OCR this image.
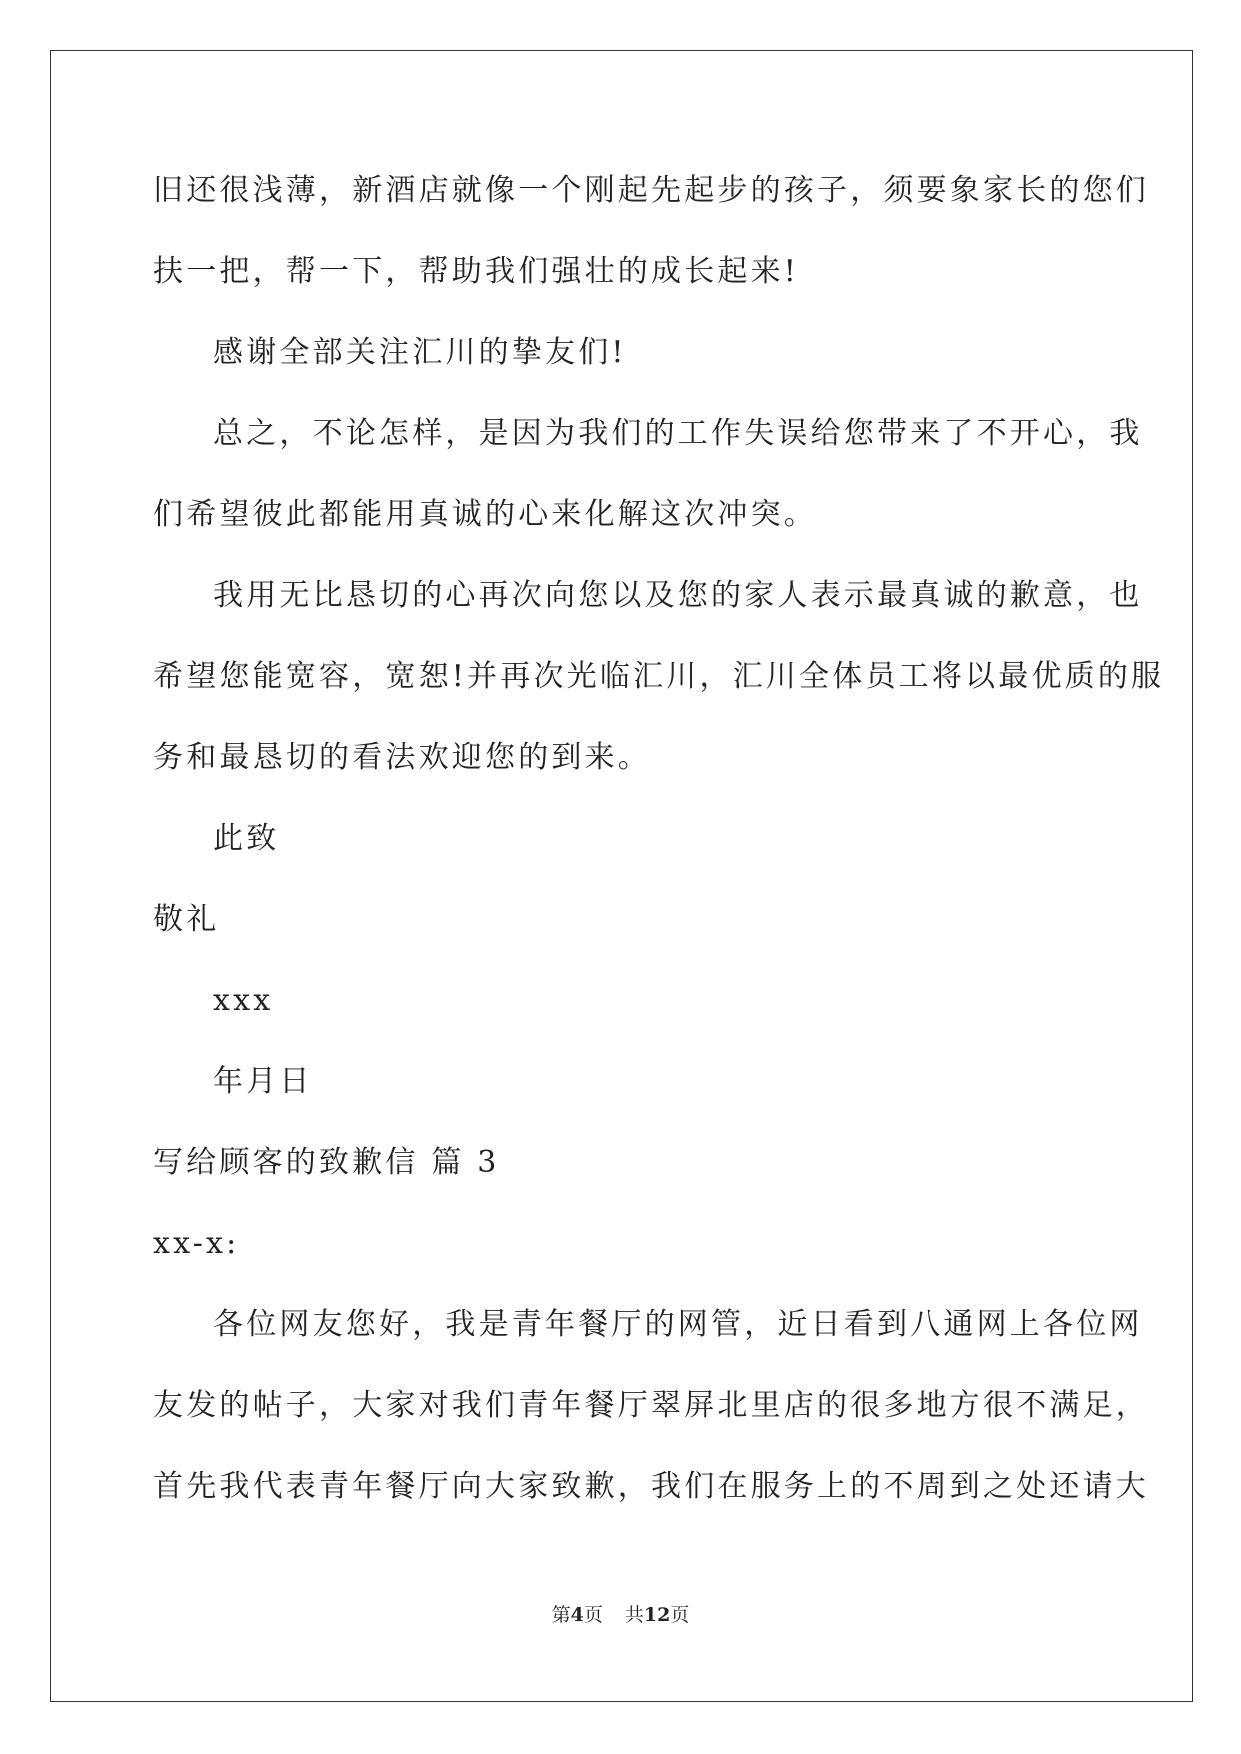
旧还很浅薄，新酒店就像一个刚起先起步的孩子，须要象家长的您们
扶一把，帮一下，帮助我们强壮的成长起来!
感谢全部关注汇川的挚友们!
总之，不论怎样，是因为我们的工作失误给您带来了不开心，我
们希望彼此都能用真诚的心来化解这次冲突。
我用无比恳切的心再次向您以及您的家人表示最真诚的歉意，也
希望您能宽容，宽恕!并再次光临汇川，汇川全体员工将以最优质的服
务和最恳切的看法欢迎您的到来。
此致
敬礼
xxx
年月日
写给顾客的致歉信 篇 3
xx-x:
各位网友您好，我是青年餐厅的网管，近日看到八通网上各位网
友发的帖子，大家对我们青年餐厅翠屏北里店的很多地方很不满足，
首先我代表青年餐厅向大家致歉，我们在服务上的不周到之处还请大
第4页 共12页
